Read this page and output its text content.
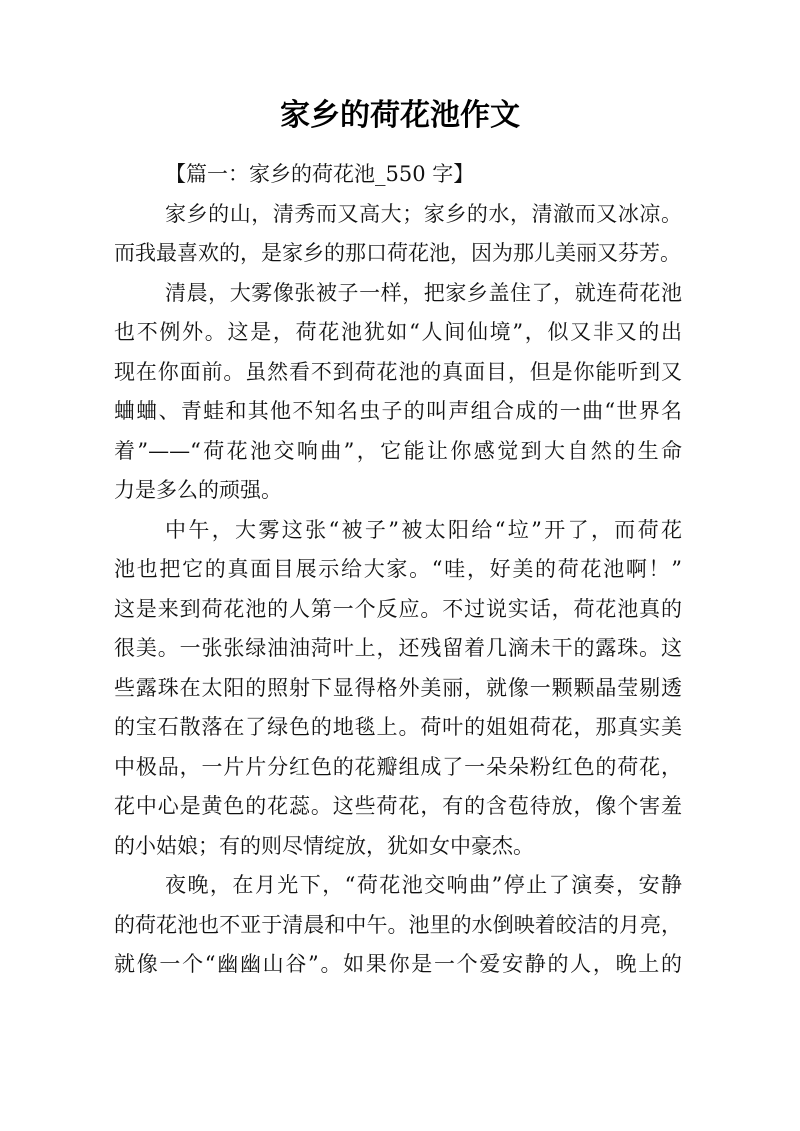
家乡的荷花池作文
【篇一：家乡的荷花池_550 字】
家乡的山，清秀而又高大；家乡的水，清澈而又冰凉。
而我最喜欢的，是家乡的那口荷花池，因为那儿美丽又芬芳。
清晨，大雾像张被子一样，把家乡盖住了，就连荷花池
也不例外。这是，荷花池犹如“人间仙境”，似又非又的出
现在你面前。虽然看不到荷花池的真面目，但是你能听到又
蛐蛐、青蛙和其他不知名虫子的叫声组合成的一曲“世界名
着”——“荷花池交响曲”，它能让你感觉到大自然的生命
力是多么的顽强。
中午，大雾这张“被子”被太阳给“垃”开了，而荷花
池也把它的真面目展示给大家。“哇，好美的荷花池啊！”
这是来到荷花池的人第一个反应。不过说实话，荷花池真的
很美。一张张绿油油菏叶上，还残留着几滴未干的露珠。这
些露珠在太阳的照射下显得格外美丽，就像一颗颗晶莹剔透
的宝石散落在了绿色的地毯上。荷叶的姐姐荷花，那真实美
中极品，一片片分红色的花瓣组成了一朵朵粉红色的荷花，
花中心是黄色的花蕊。这些荷花，有的含苞待放，像个害羞
的小姑娘；有的则尽情绽放，犹如女中豪杰。
夜晚，在月光下，“荷花池交响曲”停止了演奏，安静
的荷花池也不亚于清晨和中午。池里的水倒映着皎洁的月亮，
就像一个“幽幽山谷”。如果你是一个爱安静的人，晚上的
